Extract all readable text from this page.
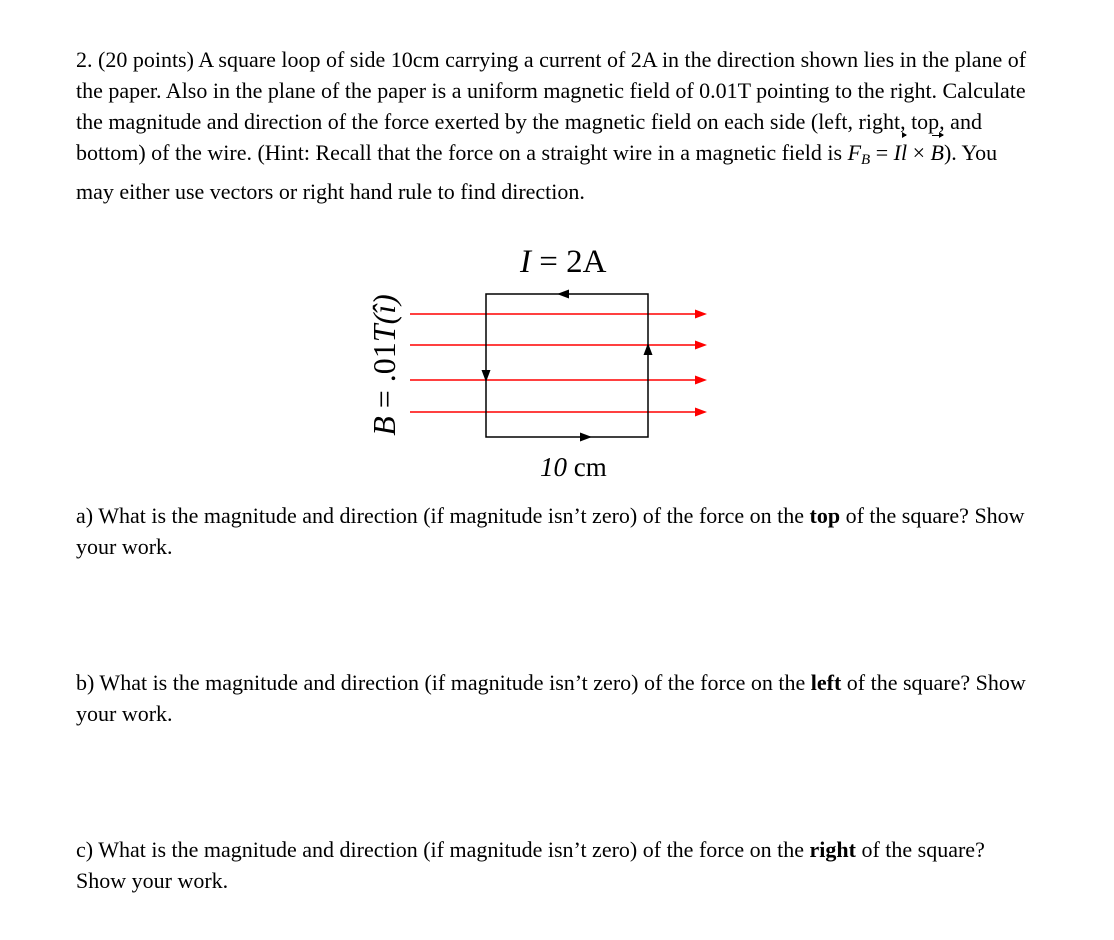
2. (20 points) A square loop of side 10cm carrying a current of 2A in the direction shown lies in the plane of the paper. Also in the plane of the paper is a uniform magnetic field of 0.01T pointing to the right. Calculate the magnitude and direction of the force exerted by the magnetic field on each side (left, right, top, and bottom) of the wire. (Hint: Recall that the force on a straight wire in a magnetic field is $F_B = Il \times B$). You may either use vectors or right hand rule to find direction.

I = 2A
B = .01T(î)
10 cm

a) What is the magnitude and direction (if magnitude isn’t zero) of the force on the top of the square? Show your work.

b) What is the magnitude and direction (if magnitude isn’t zero) of the force on the left of the square? Show your work.

c) What is the magnitude and direction (if magnitude isn’t zero) of the force on the right of the square? Show your work.
